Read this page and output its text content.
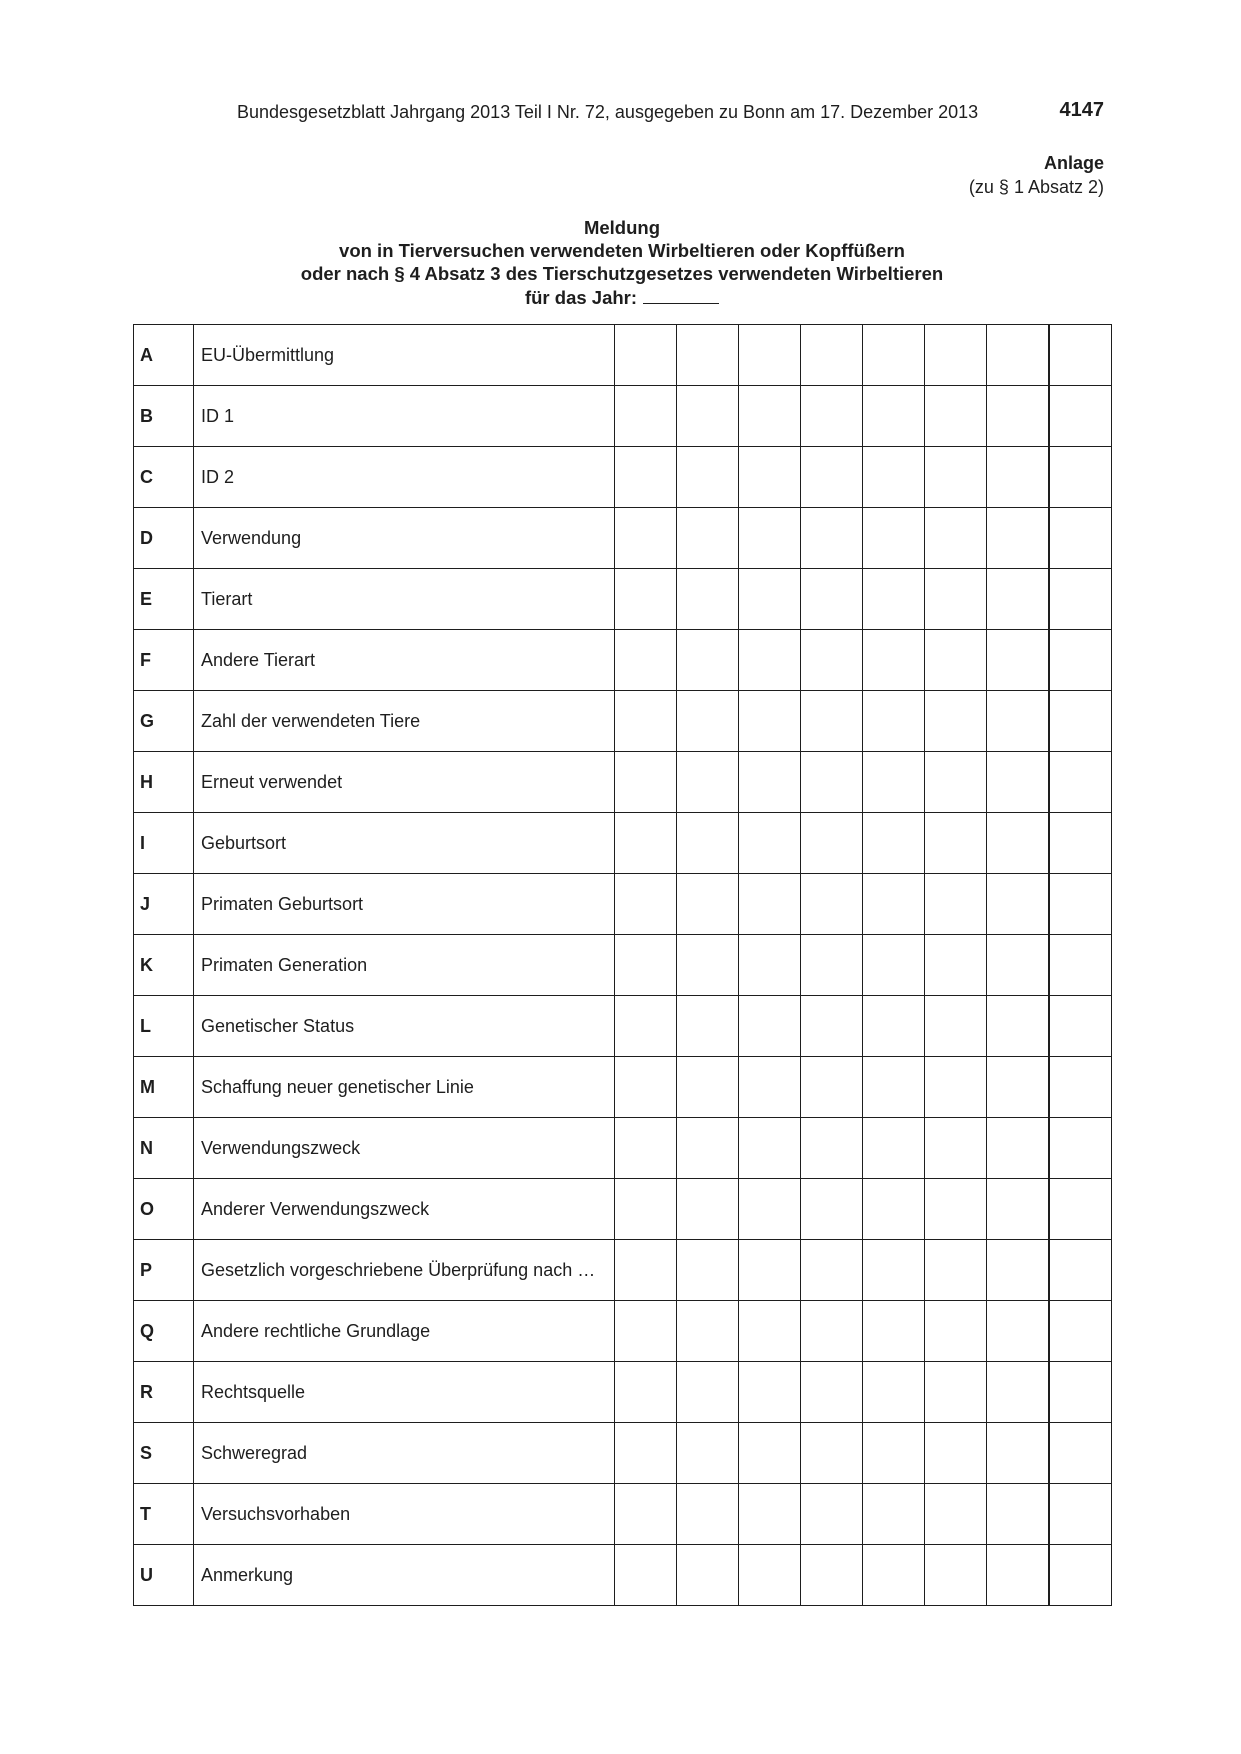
Bundesgesetzblatt Jahrgang 2013 Teil I Nr. 72, ausgegeben zu Bonn am 17. Dezember 2013	4147
Anlage
(zu § 1 Absatz 2)
Meldung
von in Tierversuchen verwendeten Wirbeltieren oder Kopffüßern
oder nach § 4 Absatz 3 des Tierschutzgesetzes verwendeten Wirbeltieren
für das Jahr:
A	EU-Übermittlung								
B	ID 1								
C	ID 2								
D	Verwendung								
E	Tierart								
F	Andere Tierart								
G	Zahl der verwendeten Tiere								
H	Erneut verwendet								
I	Geburtsort								
J	Primaten Geburtsort								
K	Primaten Generation								
L	Genetischer Status								
M	Schaffung neuer genetischer Linie								
N	Verwendungszweck								
O	Anderer Verwendungszweck								
P	Gesetzlich vorgeschriebene Überprüfung nach …								
Q	Andere rechtliche Grundlage								
R	Rechtsquelle								
S	Schweregrad								
T	Versuchsvorhaben								
U	Anmerkung								
